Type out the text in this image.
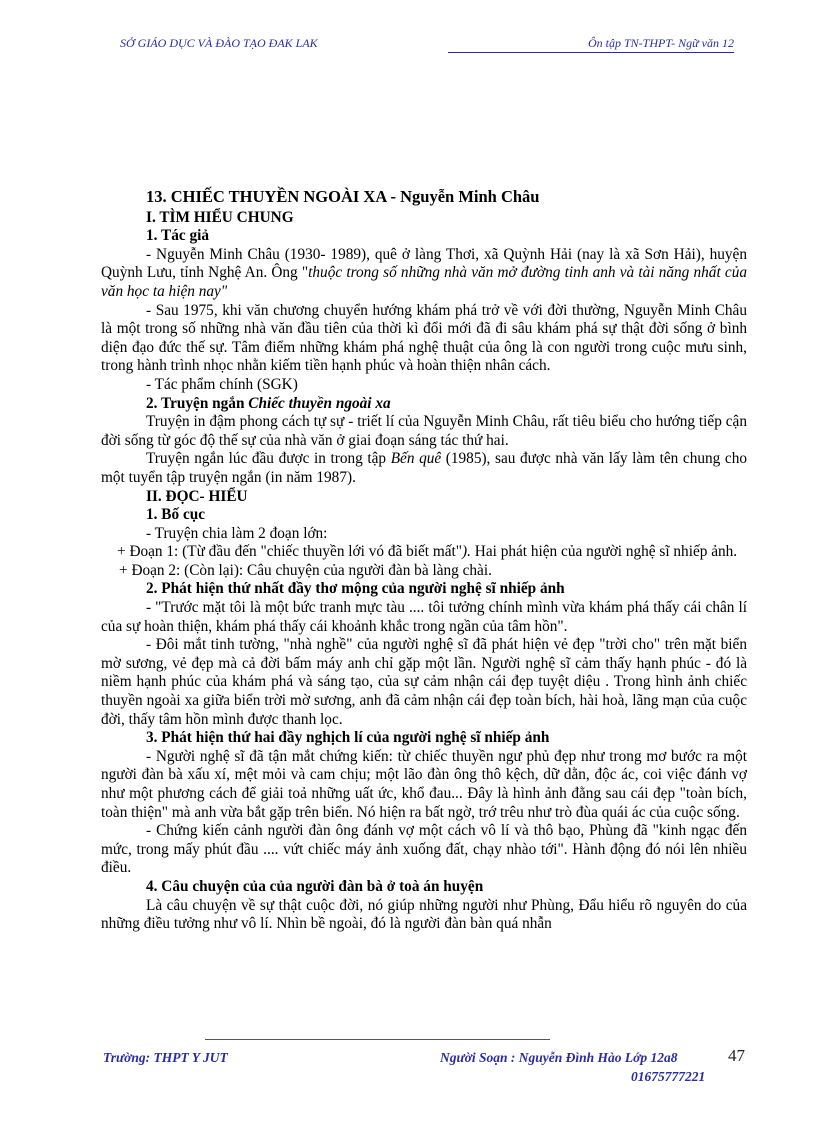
SỞ GIÁO DỤC VÀ ĐÀO TẠO ĐAK LAK	Ôn tập TN-THPT- Ngữ văn 12

13. CHIẾC THUYỀN NGOÀI XA - Nguyễn Minh Châu

I. TÌM HIỂU CHUNG

1. Tác giả

- Nguyễn Minh Châu (1930- 1989), quê ở làng Thơi, xã Quỳnh Hải (nay là xã Sơn Hải), huyện Quỳnh Lưu, tỉnh Nghệ An. Ông "thuộc trong số những nhà văn mở đường tinh anh và tài năng nhất của văn học ta hiện nay"

- Sau 1975, khi văn chương chuyển hướng khám phá trở về với đời thường, Nguyễn Minh Châu là một trong số những nhà văn đầu tiên của thời kì đổi mới đã đi sâu khám phá sự thật đời sống ở bình diện đạo đức thế sự. Tâm điểm những khám phá nghệ thuật của ông là con người trong cuộc mưu sinh, trong hành trình nhọc nhằn kiếm tiền hạnh phúc và hoàn thiện nhân cách.

- Tác phẩm chính (SGK)

2. Truyện ngắn Chiếc thuyền ngoài xa

Truyện in đậm phong cách tự sự - triết lí của Nguyễn Minh Châu, rất tiêu biểu cho hướng tiếp cận đời sống từ góc độ thế sự của nhà văn ở giai đoạn sáng tác thứ hai.

Truyện ngắn lúc đầu được in trong tập Bến quê (1985), sau được nhà văn lấy làm tên chung cho một tuyển tập truyện ngắn (in năm 1987).

II. ĐỌC- HIỂU

1. Bố cục

- Truyện chia làm 2 đoạn lớn:

+ Đoạn 1: (Từ đầu đến "chiếc thuyền lới vó đã biết mất"). Hai phát hiện của người nghệ sĩ nhiếp ảnh.

+ Đoạn 2: (Còn lại): Câu chuyện của người đàn bà làng chài.

2. Phát hiện thứ nhất đầy thơ mộng của người nghệ sĩ nhiếp ảnh

- "Trước mặt tôi là một bức tranh mực tàu .... tôi tưởng chính mình vừa khám phá thấy cái chân lí của sự hoàn thiện, khám phá thấy cái khoảnh khắc trong ngần của tâm hồn".

- Đôi mắt tinh tường, "nhà nghề" của người nghệ sĩ đã phát hiện vẻ đẹp "trời cho" trên mặt biển mờ sương, vẻ đẹp mà cả đời bấm máy anh chỉ gặp một lần. Người nghệ sĩ cảm thấy hạnh phúc - đó là niềm hạnh phúc của khám phá và sáng tạo, của sự cảm nhận cái đẹp tuyệt diệu . Trong hình ảnh chiếc thuyền ngoài xa giữa biển trời mờ sương, anh đã cảm nhận cái đẹp toàn bích, hài hoà, lãng mạn của cuộc đời, thấy tâm hồn mình được thanh lọc.

3. Phát hiện thứ hai đầy nghịch lí của người nghệ sĩ nhiếp ảnh

- Người nghệ sĩ đã tận mắt chứng kiến: từ chiếc thuyền ngư phủ đẹp như trong mơ bước ra một người đàn bà xấu xí, mệt mỏi và cam chịu; một lão đàn ông thô kệch, dữ dằn, độc ác, coi việc đánh vợ như một phương cách để giải toả những uất ức, khổ đau... Đây là hình ảnh đằng sau cái đẹp "toàn bích, toàn thiện" mà anh vừa bắt gặp trên biển. Nó hiện ra bất ngờ, trớ trêu như trò đùa quái ác của cuộc sống.

- Chứng kiến cảnh người đàn ông đánh vợ một cách vô lí và thô bạo, Phùng đã "kinh ngạc đến mức, trong mấy phút đầu .... vứt chiếc máy ảnh xuống đất, chạy nhào tới". Hành động đó nói lên nhiều điều.

4. Câu chuyện của của người đàn bà ở toà án huyện

Là câu chuyện về sự thật cuộc đời, nó giúp những người như Phùng, Đẩu hiểu rõ nguyên do của những điều tưởng như vô lí. Nhìn bề ngoài, đó là người đàn bàn quá nhẫn

Trường: THPT Y JUT	Người Soạn : Nguyễn Đình Hào Lớp 12a8	47
01675777221
